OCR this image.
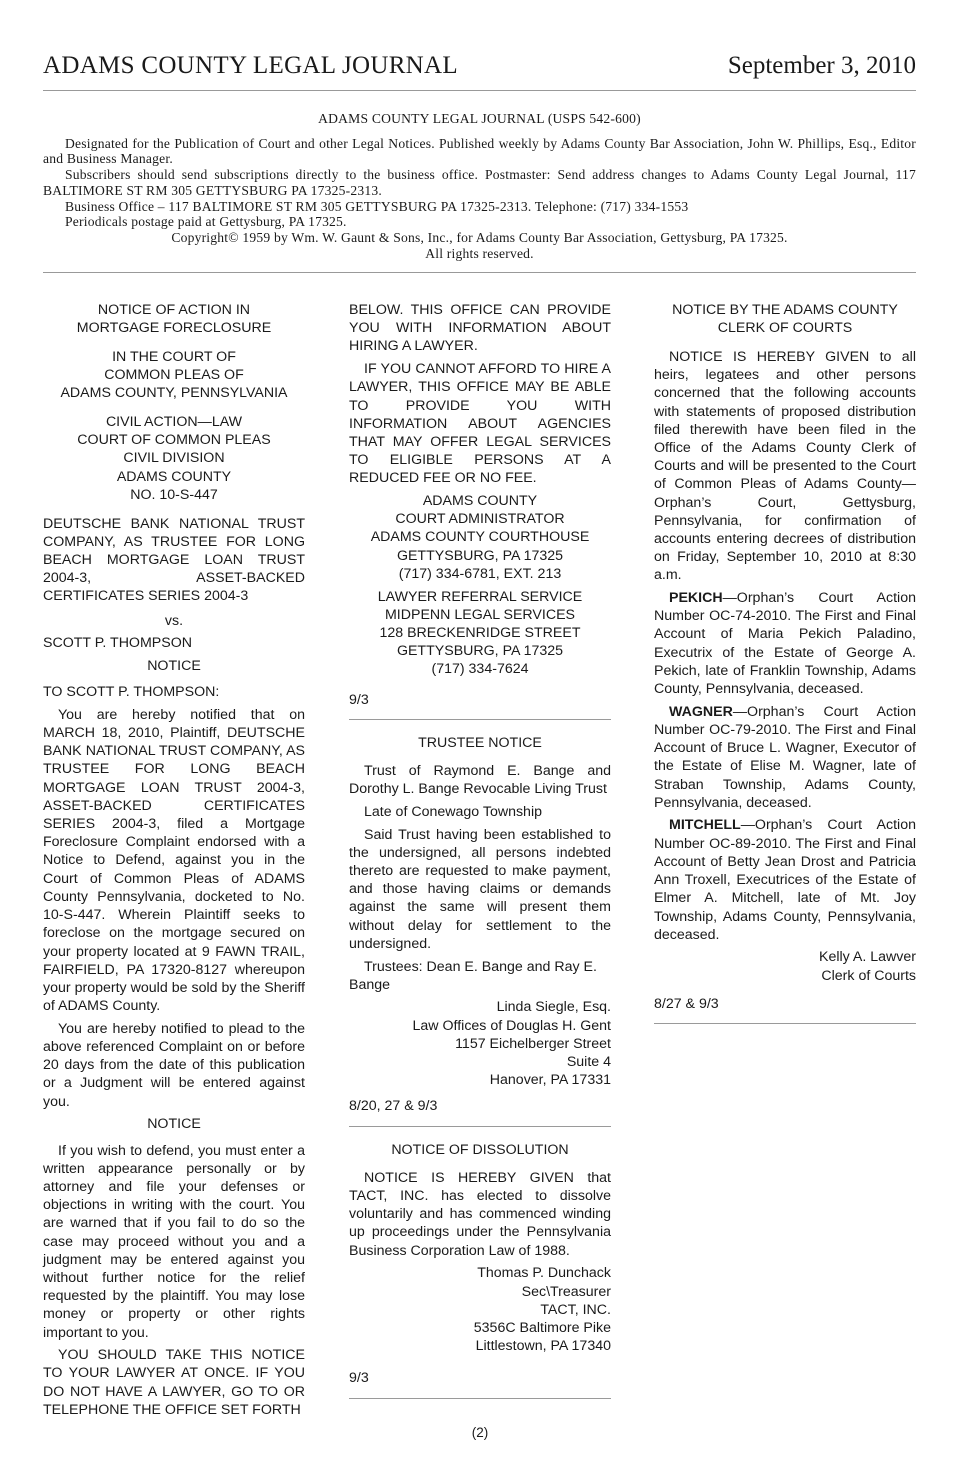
ADAMS COUNTY LEGAL JOURNAL	September 3, 2010
ADAMS COUNTY LEGAL JOURNAL (USPS 542-600)
Designated for the Publication of Court and other Legal Notices. Published weekly by Adams County Bar Association, John W. Phillips, Esq., Editor and Business Manager.
Subscribers should send subscriptions directly to the business office. Postmaster: Send address changes to Adams County Legal Journal, 117 BALTIMORE ST RM 305 GETTYSBURG PA 17325-2313.
Business Office – 117 BALTIMORE ST RM 305 GETTYSBURG PA 17325-2313. Telephone: (717) 334-1553
Periodicals postage paid at Gettysburg, PA 17325.
Copyright© 1959 by Wm. W. Gaunt & Sons, Inc., for Adams County Bar Association, Gettysburg, PA 17325.
All rights reserved.

NOTICE OF ACTION IN
MORTGAGE FORECLOSURE

IN THE COURT OF
COMMON PLEAS OF
ADAMS COUNTY, PENNSYLVANIA

CIVIL ACTION—LAW
COURT OF COMMON PLEAS
CIVIL DIVISION
ADAMS COUNTY
NO. 10-S-447

DEUTSCHE BANK NATIONAL TRUST COMPANY, AS TRUSTEE FOR LONG BEACH MORTGAGE LOAN TRUST 2004-3, ASSET-BACKED CERTIFICATES SERIES 2004-3

vs.

SCOTT P. THOMPSON

NOTICE

TO SCOTT P. THOMPSON:

You are hereby notified that on MARCH 18, 2010, Plaintiff, DEUTSCHE BANK NATIONAL TRUST COMPANY, AS TRUSTEE FOR LONG BEACH MORTGAGE LOAN TRUST 2004-3, ASSET-BACKED CERTIFICATES SERIES 2004-3, filed a Mortgage Foreclosure Complaint endorsed with a Notice to Defend, against you in the Court of Common Pleas of ADAMS County Pennsylvania, docketed to No. 10-S-447. Wherein Plaintiff seeks to foreclose on the mortgage secured on your property located at 9 FAWN TRAIL, FAIRFIELD, PA 17320-8127 whereupon your property would be sold by the Sheriff of ADAMS County.

You are hereby notified to plead to the above referenced Complaint on or before 20 days from the date of this publication or a Judgment will be entered against you.

NOTICE

If you wish to defend, you must enter a written appearance personally or by attorney and file your defenses or objections in writing with the court. You are warned that if you fail to do so the case may proceed without you and a judgment may be entered against you without further notice for the relief requested by the plaintiff. You may lose money or property or other rights important to you.

YOU SHOULD TAKE THIS NOTICE TO YOUR LAWYER AT ONCE. IF YOU DO NOT HAVE A LAWYER, GO TO OR TELEPHONE THE OFFICE SET FORTH

BELOW. THIS OFFICE CAN PROVIDE YOU WITH INFORMATION ABOUT HIRING A LAWYER.

IF YOU CANNOT AFFORD TO HIRE A LAWYER, THIS OFFICE MAY BE ABLE TO PROVIDE YOU WITH INFORMATION ABOUT AGENCIES THAT MAY OFFER LEGAL SERVICES TO ELIGIBLE PERSONS AT A REDUCED FEE OR NO FEE.

ADAMS COUNTY
COURT ADMINISTRATOR
ADAMS COUNTY COURTHOUSE
GETTYSBURG, PA 17325
(717) 334-6781, EXT. 213

LAWYER REFERRAL SERVICE
MIDPENN LEGAL SERVICES
128 BRECKENRIDGE STREET
GETTYSBURG, PA 17325
(717) 334-7624

9/3

TRUSTEE NOTICE

Trust of Raymond E. Bange and Dorothy L. Bange Revocable Living Trust

Late of Conewago Township

Said Trust having been established to the undersigned, all persons indebted thereto are requested to make payment, and those having claims or demands against the same will present them without delay for settlement to the undersigned.

Trustees: Dean E. Bange and Ray E. Bange

Linda Siegle, Esq.
Law Offices of Douglas H. Gent
1157 Eichelberger Street
Suite 4
Hanover, PA 17331

8/20, 27 & 9/3

NOTICE OF DISSOLUTION

NOTICE IS HEREBY GIVEN that TACT, INC. has elected to dissolve voluntarily and has commenced winding up proceedings under the Pennsylvania Business Corporation Law of 1988.

Thomas P. Dunchack
Sec\Treasurer
TACT, INC.
5356C Baltimore Pike
Littlestown, PA 17340

9/3

NOTICE BY THE ADAMS COUNTY
CLERK OF COURTS

NOTICE IS HEREBY GIVEN to all heirs, legatees and other persons concerned that the following accounts with statements of proposed distribution filed therewith have been filed in the Office of the Adams County Clerk of Courts and will be presented to the Court of Common Pleas of Adams County—Orphan’s Court, Gettysburg, Pennsylvania, for confirmation of accounts entering decrees of distribution on Friday, September 10, 2010 at 8:30 a.m.

PEKICH—Orphan’s Court Action Number OC-74-2010. The First and Final Account of Maria Pekich Paladino, Executrix of the Estate of George A. Pekich, late of Franklin Township, Adams County, Pennsylvania, deceased.

WAGNER—Orphan’s Court Action Number OC-79-2010. The First and Final Account of Bruce L. Wagner, Executor of the Estate of Elise M. Wagner, late of Straban Township, Adams County, Pennsylvania, deceased.

MITCHELL—Orphan’s Court Action Number OC-89-2010. The First and Final Account of Betty Jean Drost and Patricia Ann Troxell, Executrices of the Estate of Elmer A. Mitchell, late of Mt. Joy Township, Adams County, Pennsylvania, deceased.

Kelly A. Lawver
Clerk of Courts

8/27 & 9/3

(2)
